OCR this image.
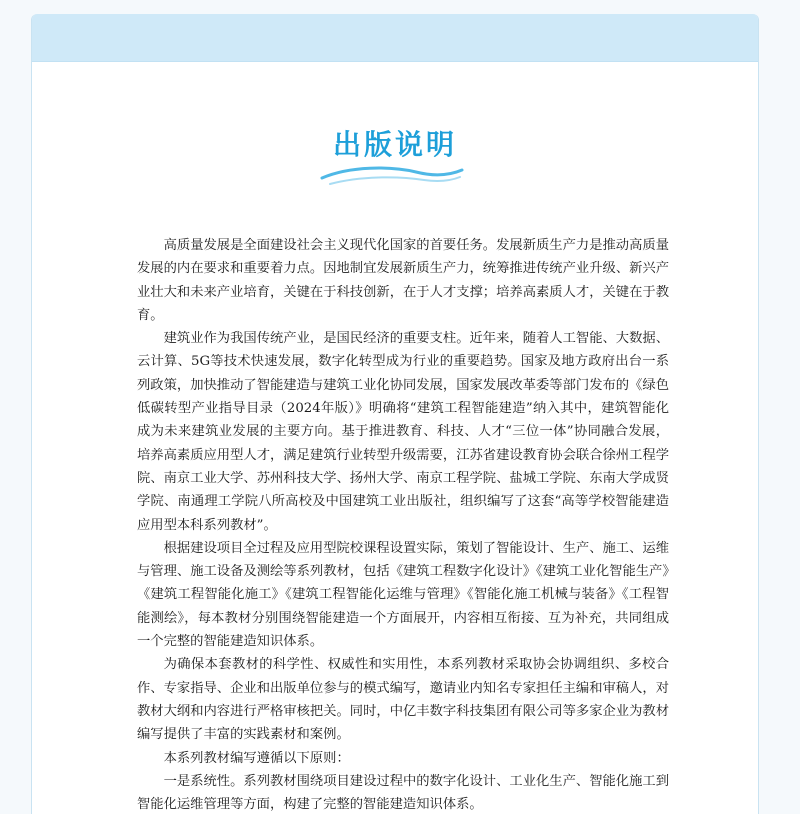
出版说明

高质量发展是全面建设社会主义现代化国家的首要任务。发展新质生产力是推动高质量发展的内在要求和重要着力点。因地制宜发展新质生产力，统筹推进传统产业升级、新兴产业壮大和未来产业培育，关键在于科技创新，在于人才支撑；培养高素质人才，关键在于教育。

建筑业作为我国传统产业，是国民经济的重要支柱。近年来，随着人工智能、大数据、云计算、5G等技术快速发展，数字化转型成为行业的重要趋势。国家及地方政府出台一系列政策，加快推动了智能建造与建筑工业化协同发展，国家发展改革委等部门发布的《绿色低碳转型产业指导目录（2024年版）》明确将“建筑工程智能建造”纳入其中，建筑智能化成为未来建筑业发展的主要方向。基于推进教育、科技、人才“三位一体”协同融合发展，培养高素质应用型人才，满足建筑行业转型升级需要，江苏省建设教育协会联合徐州工程学院、南京工业大学、苏州科技大学、扬州大学、南京工程学院、盐城工学院、东南大学成贤学院、南通理工学院八所高校及中国建筑工业出版社，组织编写了这套“高等学校智能建造应用型本科系列教材”。

根据建设项目全过程及应用型院校课程设置实际，策划了智能设计、生产、施工、运维与管理、施工设备及测绘等系列教材，包括《建筑工程数字化设计》《建筑工业化智能生产》《建筑工程智能化施工》《建筑工程智能化运维与管理》《智能化施工机械与装备》《工程智能测绘》，每本教材分别围绕智能建造一个方面展开，内容相互衔接、互为补充，共同组成一个完整的智能建造知识体系。

为确保本套教材的科学性、权威性和实用性，本系列教材采取协会协调组织、多校合作、专家指导、企业和出版单位参与的模式编写，邀请业内知名专家担任主编和审稿人，对教材大纲和内容进行严格审核把关。同时，中亿丰数字科技集团有限公司等多家企业为教材编写提供了丰富的实践素材和案例。

本系列教材编写遵循以下原则：

一是系统性。系列教材围绕项目建设过程中的数字化设计、工业化生产、智能化施工到智能化运维管理等方面，构建了完整的智能建造知识体系。
